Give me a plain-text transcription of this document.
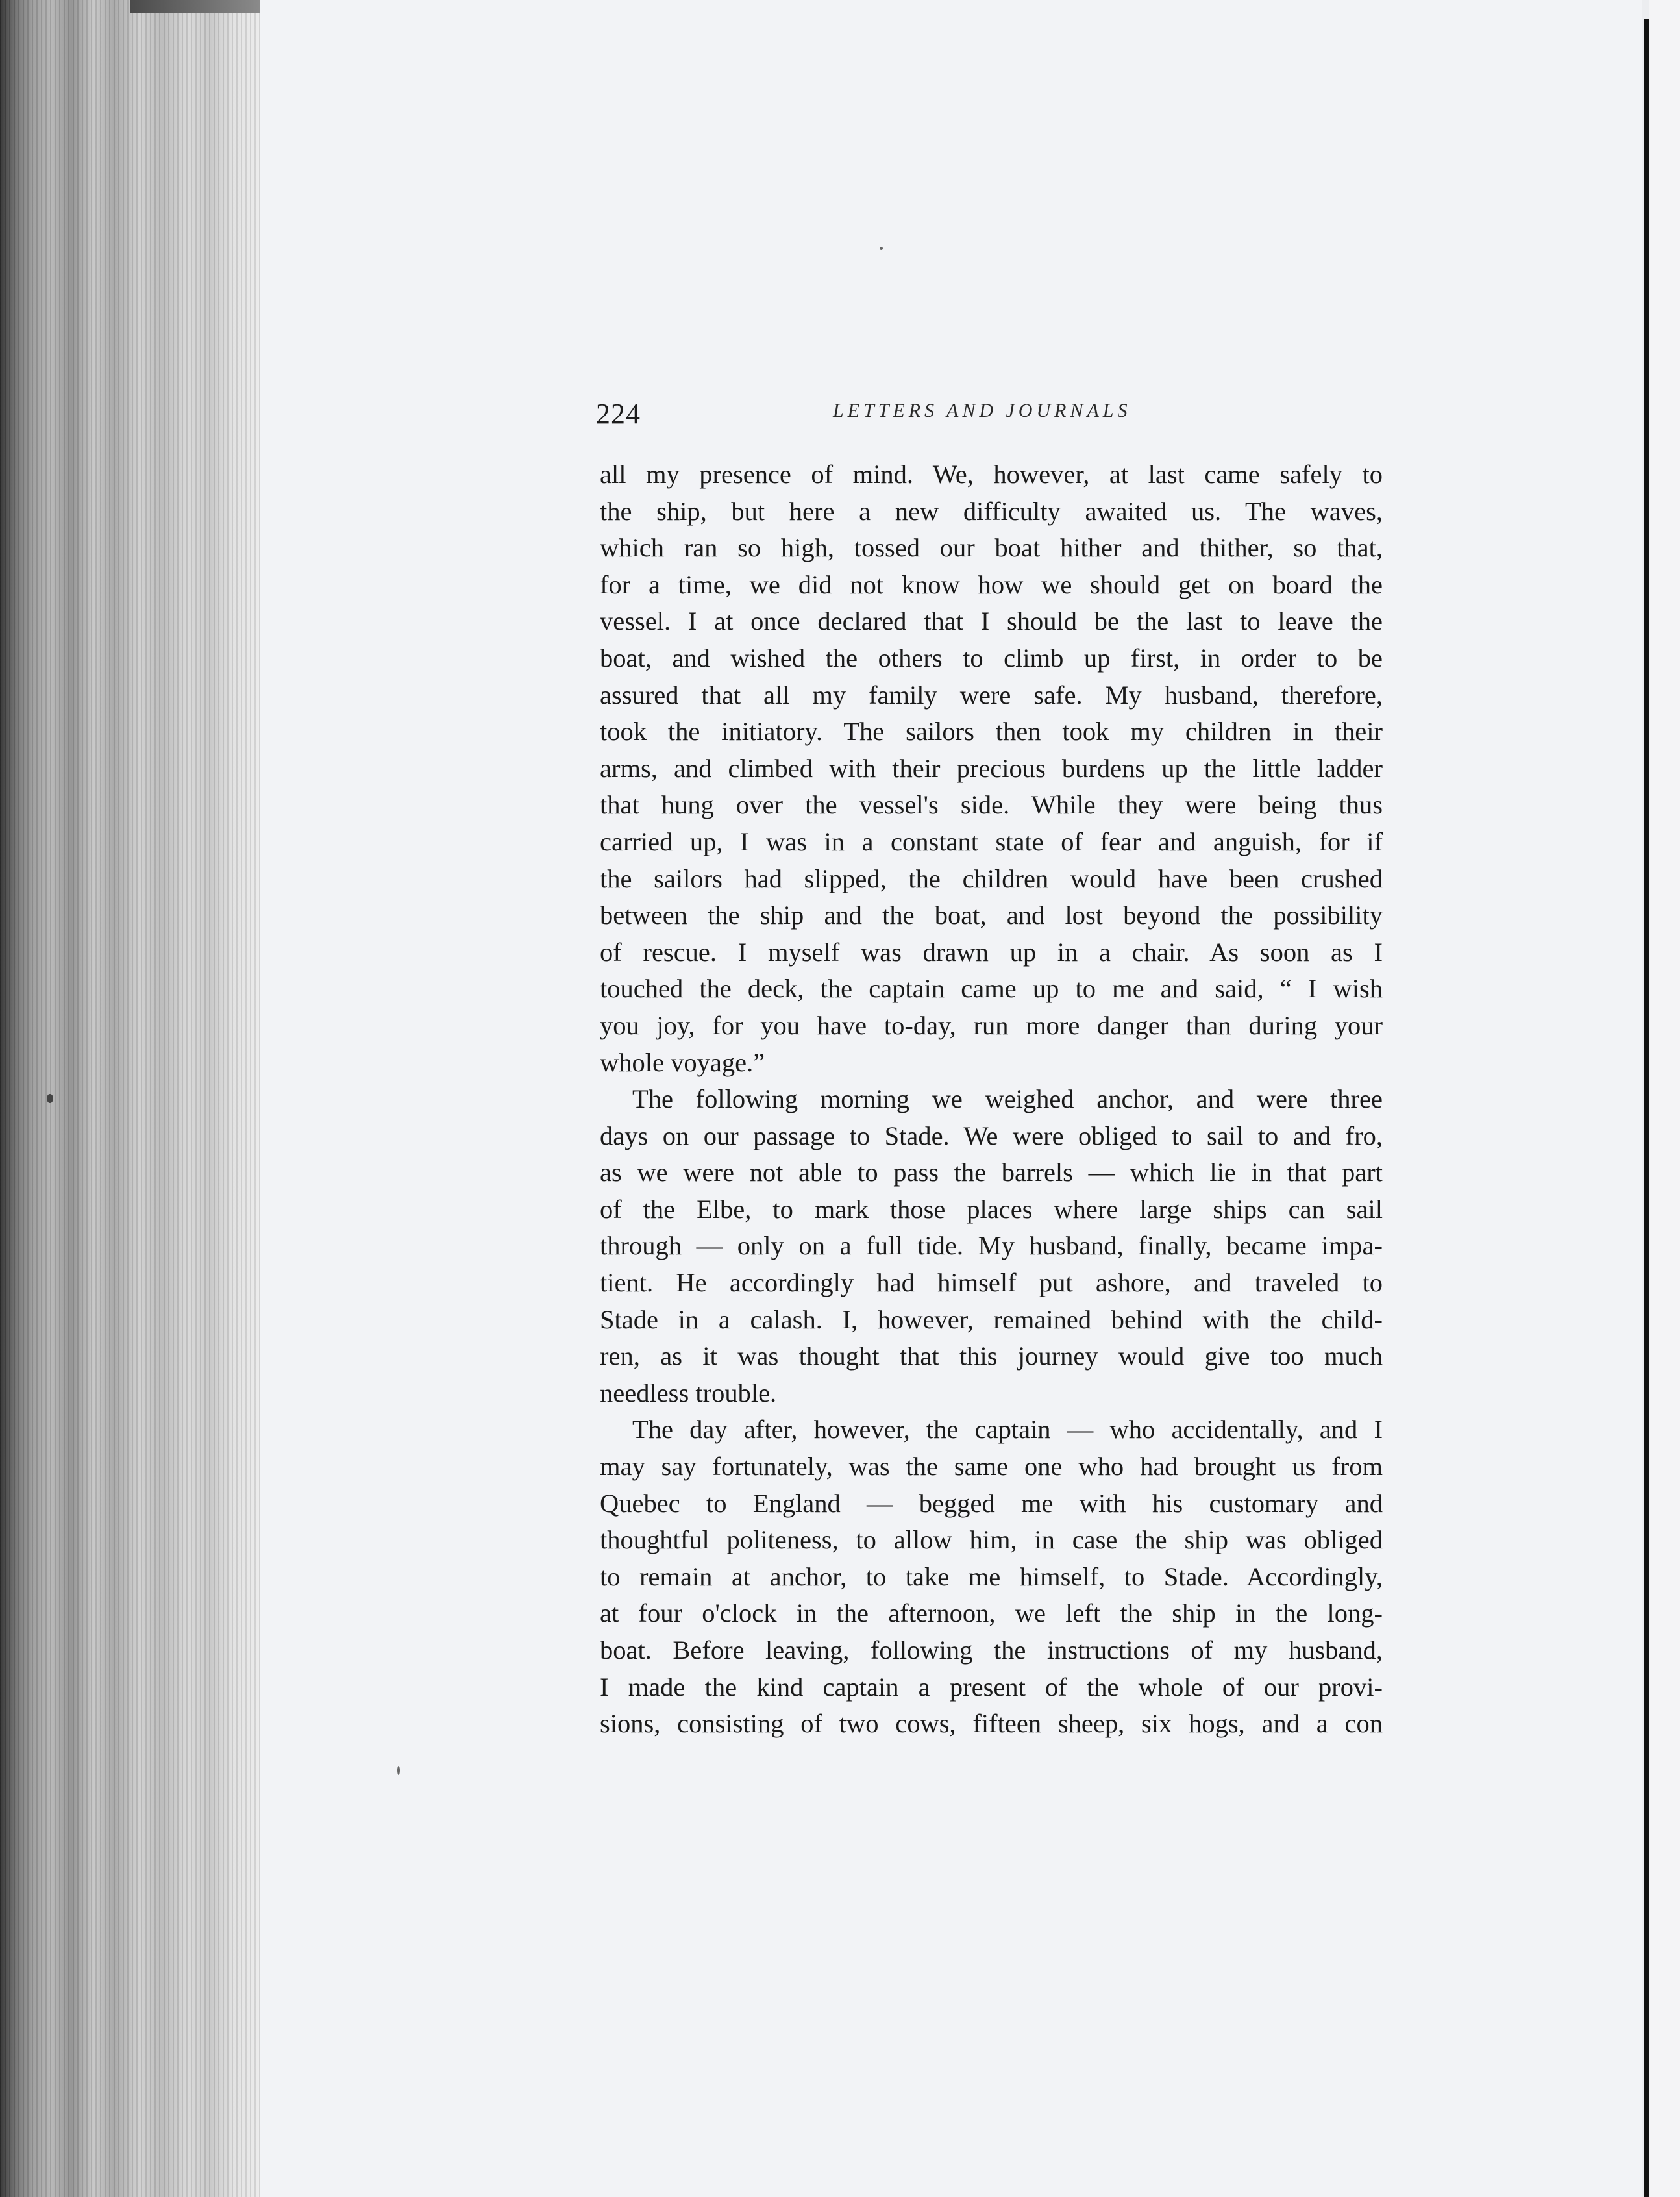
224	LETTERS AND JOURNALS
all my presence of mind. We, however, at last came safely to
the ship, but here a new difficulty awaited us. The waves,
which ran so high, tossed our boat hither and thither, so that,
for a time, we did not know how we should get on board the
vessel. I at once declared that I should be the last to leave the
boat, and wished the others to climb up first, in order to be
assured that all my family were safe. My husband, therefore,
took the initiatory. The sailors then took my children in their
arms, and climbed with their precious burdens up the little ladder
that hung over the vessel's side. While they were being thus
carried up, I was in a constant state of fear and anguish, for if
the sailors had slipped, the children would have been crushed
between the ship and the boat, and lost beyond the possibility
of rescue. I myself was drawn up in a chair. As soon as I
touched the deck, the captain came up to me and said, “ I wish
you joy, for you have to-day, run more danger than during your
whole voyage.”
The following morning we weighed anchor, and were three
days on our passage to Stade. We were obliged to sail to and fro,
as we were not able to pass the barrels — which lie in that part
of the Elbe, to mark those places where large ships can sail
through — only on a full tide. My husband, finally, became impa-
tient. He accordingly had himself put ashore, and traveled to
Stade in a calash. I, however, remained behind with the child-
ren, as it was thought that this journey would give too much
needless trouble.
The day after, however, the captain — who accidentally, and I
may say fortunately, was the same one who had brought us from
Quebec to England — begged me with his customary and
thoughtful politeness, to allow him, in case the ship was obliged
to remain at anchor, to take me himself, to Stade. Accordingly,
at four o'clock in the afternoon, we left the ship in the long-
boat. Before leaving, following the instructions of my husband,
I made the kind captain a present of the whole of our provi-
sions, consisting of two cows, fifteen sheep, six hogs, and a con
